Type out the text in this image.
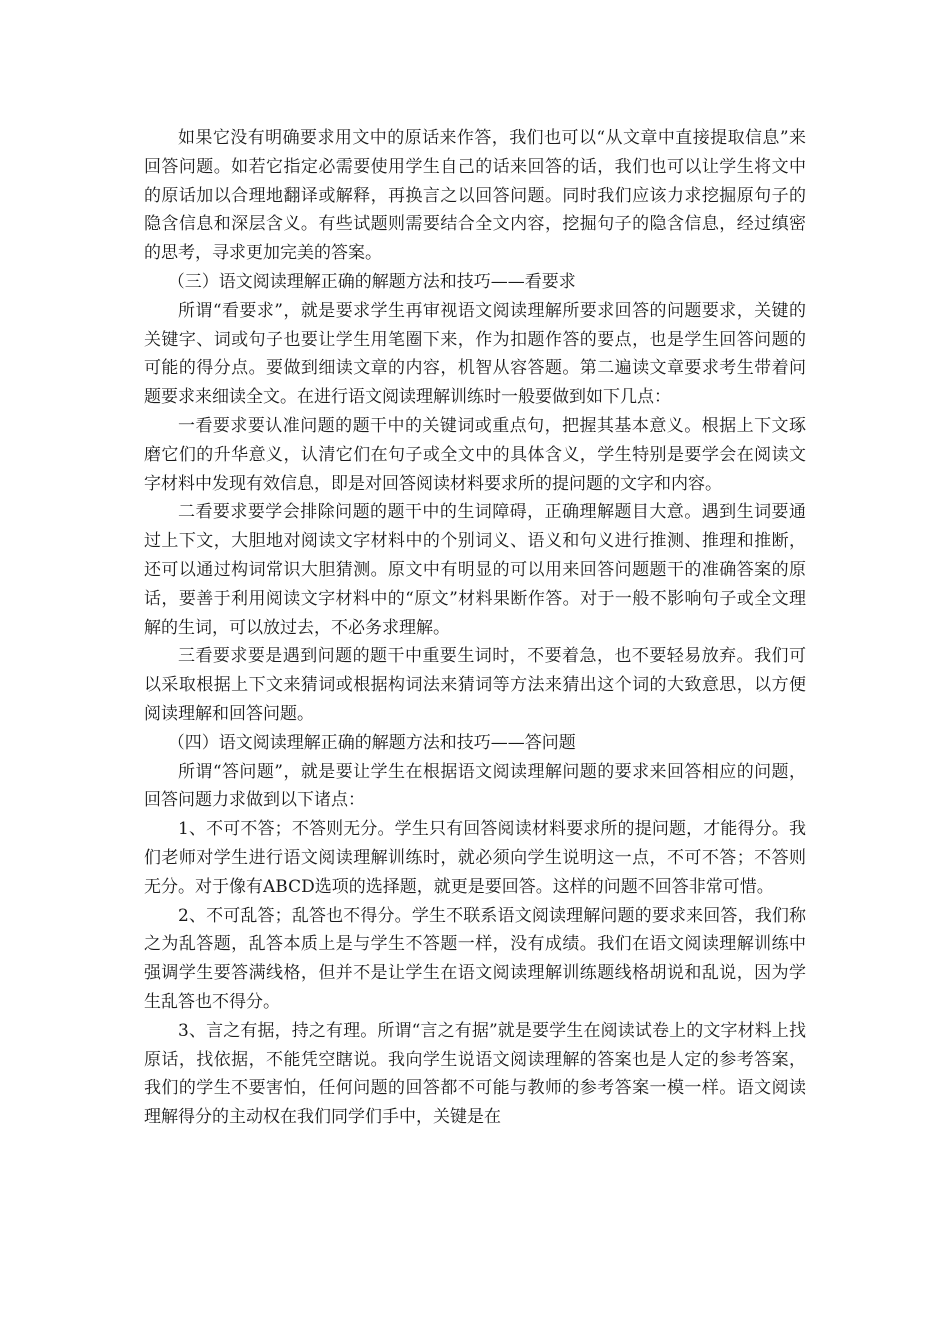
如果它没有明确要求用文中的原话来作答，我们也可以“从文章中直接提取信息”来回答问题。如若它指定必需要使用学生自己的话来回答的话，我们也可以让学生将文中的原话加以合理地翻译或解释，再换言之以回答问题。同时我们应该力求挖掘原句子的隐含信息和深层含义。有些试题则需要结合全文内容，挖掘句子的隐含信息，经过缜密的思考，寻求更加完美的答案。

（三）语文阅读理解正确的解题方法和技巧——看要求

所谓“看要求”，就是要求学生再审视语文阅读理解所要求回答的问题要求，关键的关键字、词或句子也要让学生用笔圈下来，作为扣题作答的要点，也是学生回答问题的可能的得分点。要做到细读文章的内容，机智从容答题。第二遍读文章要求考生带着问题要求来细读全文。在进行语文阅读理解训练时一般要做到如下几点：

一看要求要认准问题的题干中的关键词或重点句，把握其基本意义。根据上下文琢磨它们的升华意义，认清它们在句子或全文中的具体含义，学生特别是要学会在阅读文字材料中发现有效信息，即是对回答阅读材料要求所的提问题的文字和内容。

二看要求要学会排除问题的题干中的生词障碍，正确理解题目大意。遇到生词要通过上下文，大胆地对阅读文字材料中的个别词义、语义和句义进行推测、推理和推断，还可以通过构词常识大胆猜测。原文中有明显的可以用来回答问题题干的准确答案的原话，要善于利用阅读文字材料中的“原文”材料果断作答。对于一般不影响句子或全文理解的生词，可以放过去，不必务求理解。

三看要求要是遇到问题的题干中重要生词时，不要着急，也不要轻易放弃。我们可以采取根据上下文来猜词或根据构词法来猜词等方法来猜出这个词的大致意思，以方便阅读理解和回答问题。

（四）语文阅读理解正确的解题方法和技巧——答问题

所谓“答问题”，就是要让学生在根据语文阅读理解问题的要求来回答相应的问题，回答问题力求做到以下诸点：

1、不可不答；不答则无分。学生只有回答阅读材料要求所的提问题，才能得分。我们老师对学生进行语文阅读理解训练时，就必须向学生说明这一点，不可不答；不答则无分。对于像有ABCD选项的选择题，就更是要回答。这样的问题不回答非常可惜。

2、不可乱答；乱答也不得分。学生不联系语文阅读理解问题的要求来回答，我们称之为乱答题，乱答本质上是与学生不答题一样，没有成绩。我们在语文阅读理解训练中强调学生要答满线格，但并不是让学生在语文阅读理解训练题线格胡说和乱说，因为学生乱答也不得分。

3、言之有据，持之有理。所谓“言之有据”就是要学生在阅读试卷上的文字材料上找原话，找依据，不能凭空瞎说。我向学生说语文阅读理解的答案也是人定的参考答案，我们的学生不要害怕，任何问题的回答都不可能与教师的参考答案一模一样。语文阅读理解得分的主动权在我们同学们手中，关键是在
